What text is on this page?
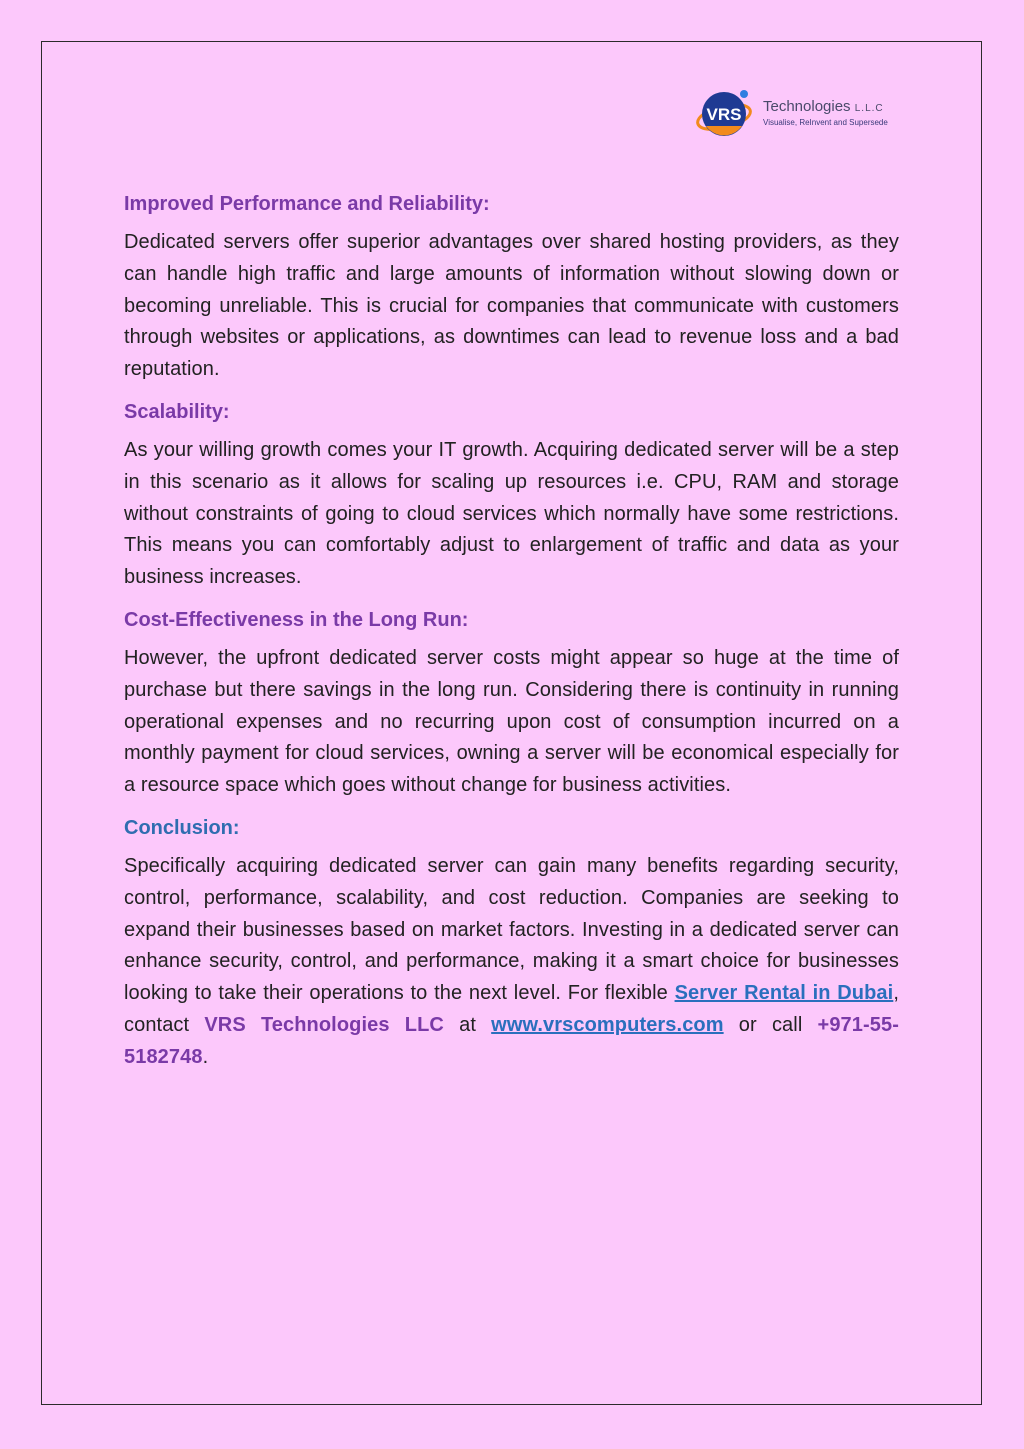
VRS Technologies L.L.C
Visualise, ReInvent and Supersede
Improved Performance and Reliability:

Dedicated servers offer superior advantages over shared hosting providers, as they can handle high traffic and large amounts of information without slowing down or becoming unreliable. This is crucial for companies that communicate with customers through websites or applications, as downtimes can lead to revenue loss and a bad reputation.

Scalability:

As your willing growth comes your IT growth. Acquiring dedicated server will be a step in this scenario as it allows for scaling up resources i.e. CPU, RAM and storage without constraints of going to cloud services which normally have some restrictions. This means you can comfortably adjust to enlargement of traffic and data as your business increases.

Cost-Effectiveness in the Long Run:

However, the upfront dedicated server costs might appear so huge at the time of purchase but there savings in the long run. Considering there is continuity in running operational expenses and no recurring upon cost of consumption incurred on a monthly payment for cloud services, owning a server will be economical especially for a resource space which goes without change for business activities.

Conclusion:

Specifically acquiring dedicated server can gain many benefits regarding security, control, performance, scalability, and cost reduction. Companies are seeking to expand their businesses based on market factors. Investing in a dedicated server can enhance security, control, and performance, making it a smart choice for businesses looking to take their operations to the next level. For flexible Server Rental in Dubai, contact VRS Technologies LLC at www.vrscomputers.com or call +971-55-5182748.
